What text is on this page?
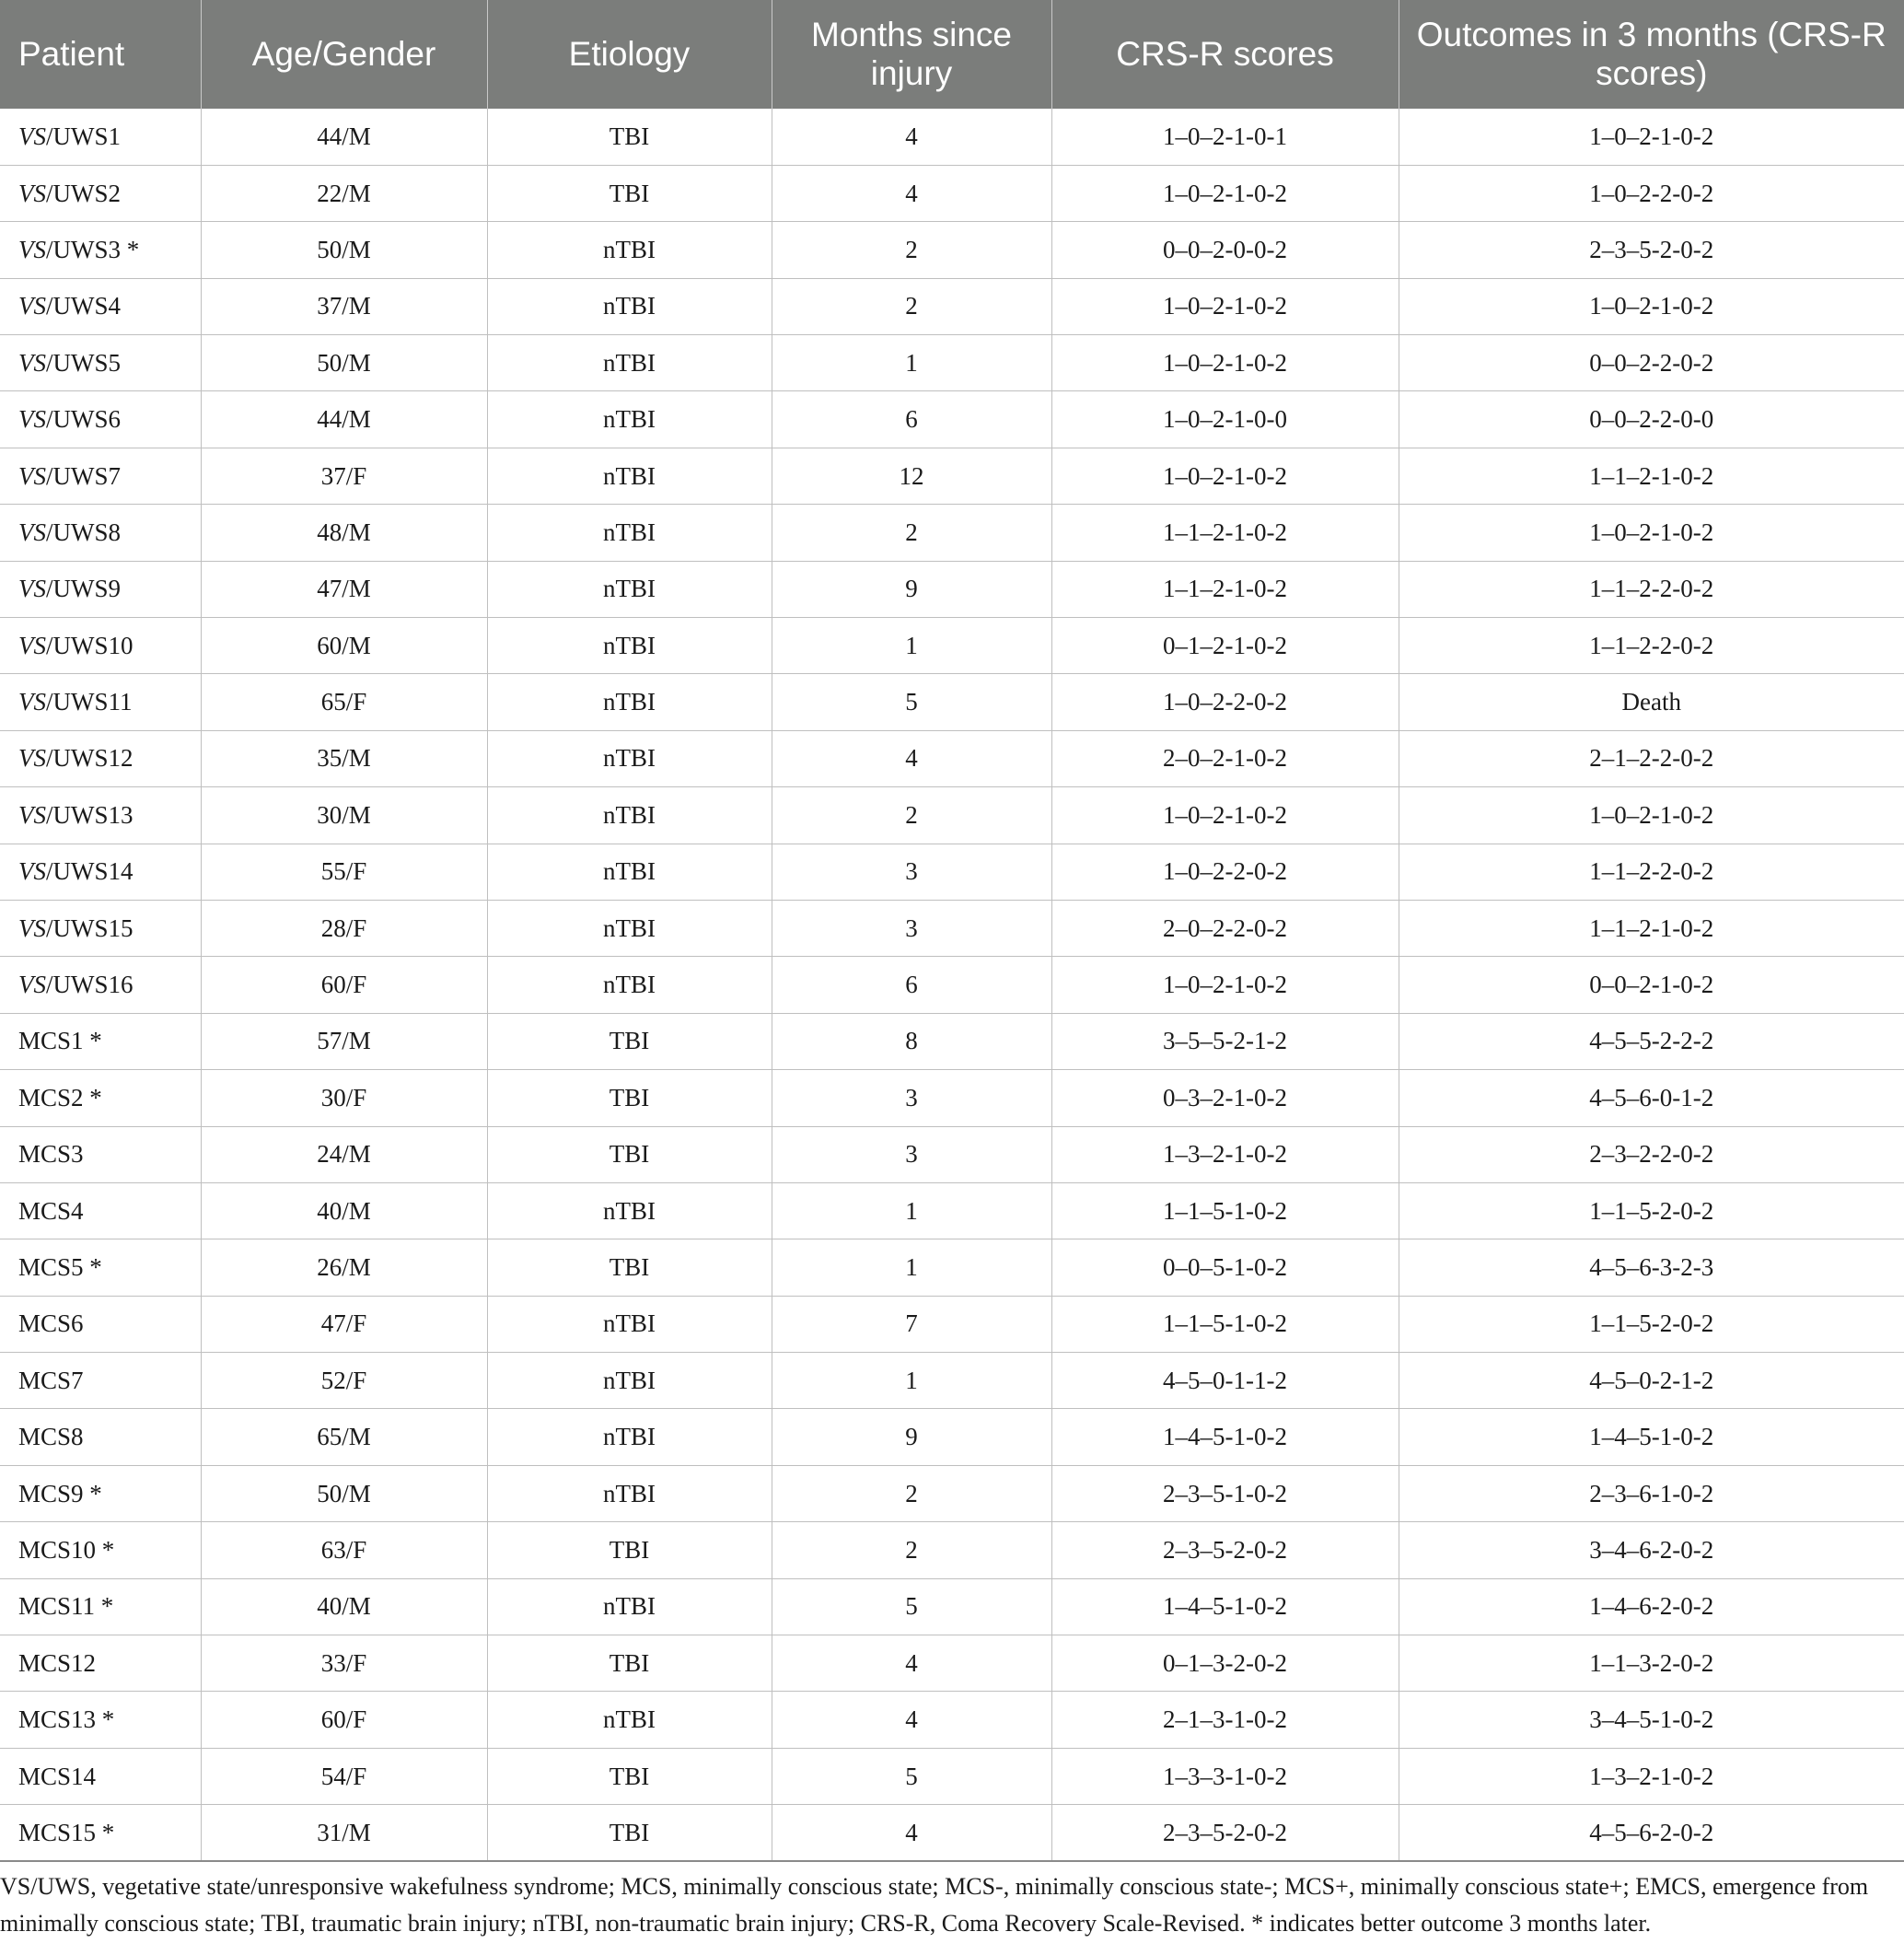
Patient	Age/Gender	Etiology	Months since injury	CRS-R scores	Outcomes in 3 months (CRS-R scores)
VS/UWS1	44/M	TBI	4	1–0–2-1-0-1	1–0–2-1-0-2
VS/UWS2	22/M	TBI	4	1–0–2-1-0-2	1–0–2-2-0-2
VS/UWS3 *	50/M	nTBI	2	0–0–2-0-0-2	2–3–5-2-0-2
VS/UWS4	37/M	nTBI	2	1–0–2-1-0-2	1–0–2-1-0-2
VS/UWS5	50/M	nTBI	1	1–0–2-1-0-2	0–0–2-2-0-2
VS/UWS6	44/M	nTBI	6	1–0–2-1-0-0	0–0–2-2-0-0
VS/UWS7	37/F	nTBI	12	1–0–2-1-0-2	1–1–2-1-0-2
VS/UWS8	48/M	nTBI	2	1–1–2-1-0-2	1–0–2-1-0-2
VS/UWS9	47/M	nTBI	9	1–1–2-1-0-2	1–1–2-2-0-2
VS/UWS10	60/M	nTBI	1	0–1–2-1-0-2	1–1–2-2-0-2
VS/UWS11	65/F	nTBI	5	1–0–2-2-0-2	Death
VS/UWS12	35/M	nTBI	4	2–0–2-1-0-2	2–1–2-2-0-2
VS/UWS13	30/M	nTBI	2	1–0–2-1-0-2	1–0–2-1-0-2
VS/UWS14	55/F	nTBI	3	1–0–2-2-0-2	1–1–2-2-0-2
VS/UWS15	28/F	nTBI	3	2–0–2-2-0-2	1–1–2-1-0-2
VS/UWS16	60/F	nTBI	6	1–0–2-1-0-2	0–0–2-1-0-2
MCS1 *	57/M	TBI	8	3–5–5-2-1-2	4–5–5-2-2-2
MCS2 *	30/F	TBI	3	0–3–2-1-0-2	4–5–6-0-1-2
MCS3	24/M	TBI	3	1–3–2-1-0-2	2–3–2-2-0-2
MCS4	40/M	nTBI	1	1–1–5-1-0-2	1–1–5-2-0-2
MCS5 *	26/M	TBI	1	0–0–5-1-0-2	4–5–6-3-2-3
MCS6	47/F	nTBI	7	1–1–5-1-0-2	1–1–5-2-0-2
MCS7	52/F	nTBI	1	4–5–0-1-1-2	4–5–0-2-1-2
MCS8	65/M	nTBI	9	1–4–5-1-0-2	1–4–5-1-0-2
MCS9 *	50/M	nTBI	2	2–3–5-1-0-2	2–3–6-1-0-2
MCS10 *	63/F	TBI	2	2–3–5-2-0-2	3–4–6-2-0-2
MCS11 *	40/M	nTBI	5	1–4–5-1-0-2	1–4–6-2-0-2
MCS12	33/F	TBI	4	0–1–3-2-0-2	1–1–3-2-0-2
MCS13 *	60/F	nTBI	4	2–1–3-1-0-2	3–4–5-1-0-2
MCS14	54/F	TBI	5	1–3–3-1-0-2	1–3–2-1-0-2
MCS15 *	31/M	TBI	4	2–3–5-2-0-2	4–5–6-2-0-2

VS/UWS, vegetative state/unresponsive wakefulness syndrome; MCS, minimally conscious state; MCS-, minimally conscious state-; MCS+, minimally conscious state+; EMCS, emergence from minimally conscious state; TBI, traumatic brain injury; nTBI, non-traumatic brain injury; CRS-R, Coma Recovery Scale-Revised. * indicates better outcome 3 months later.
